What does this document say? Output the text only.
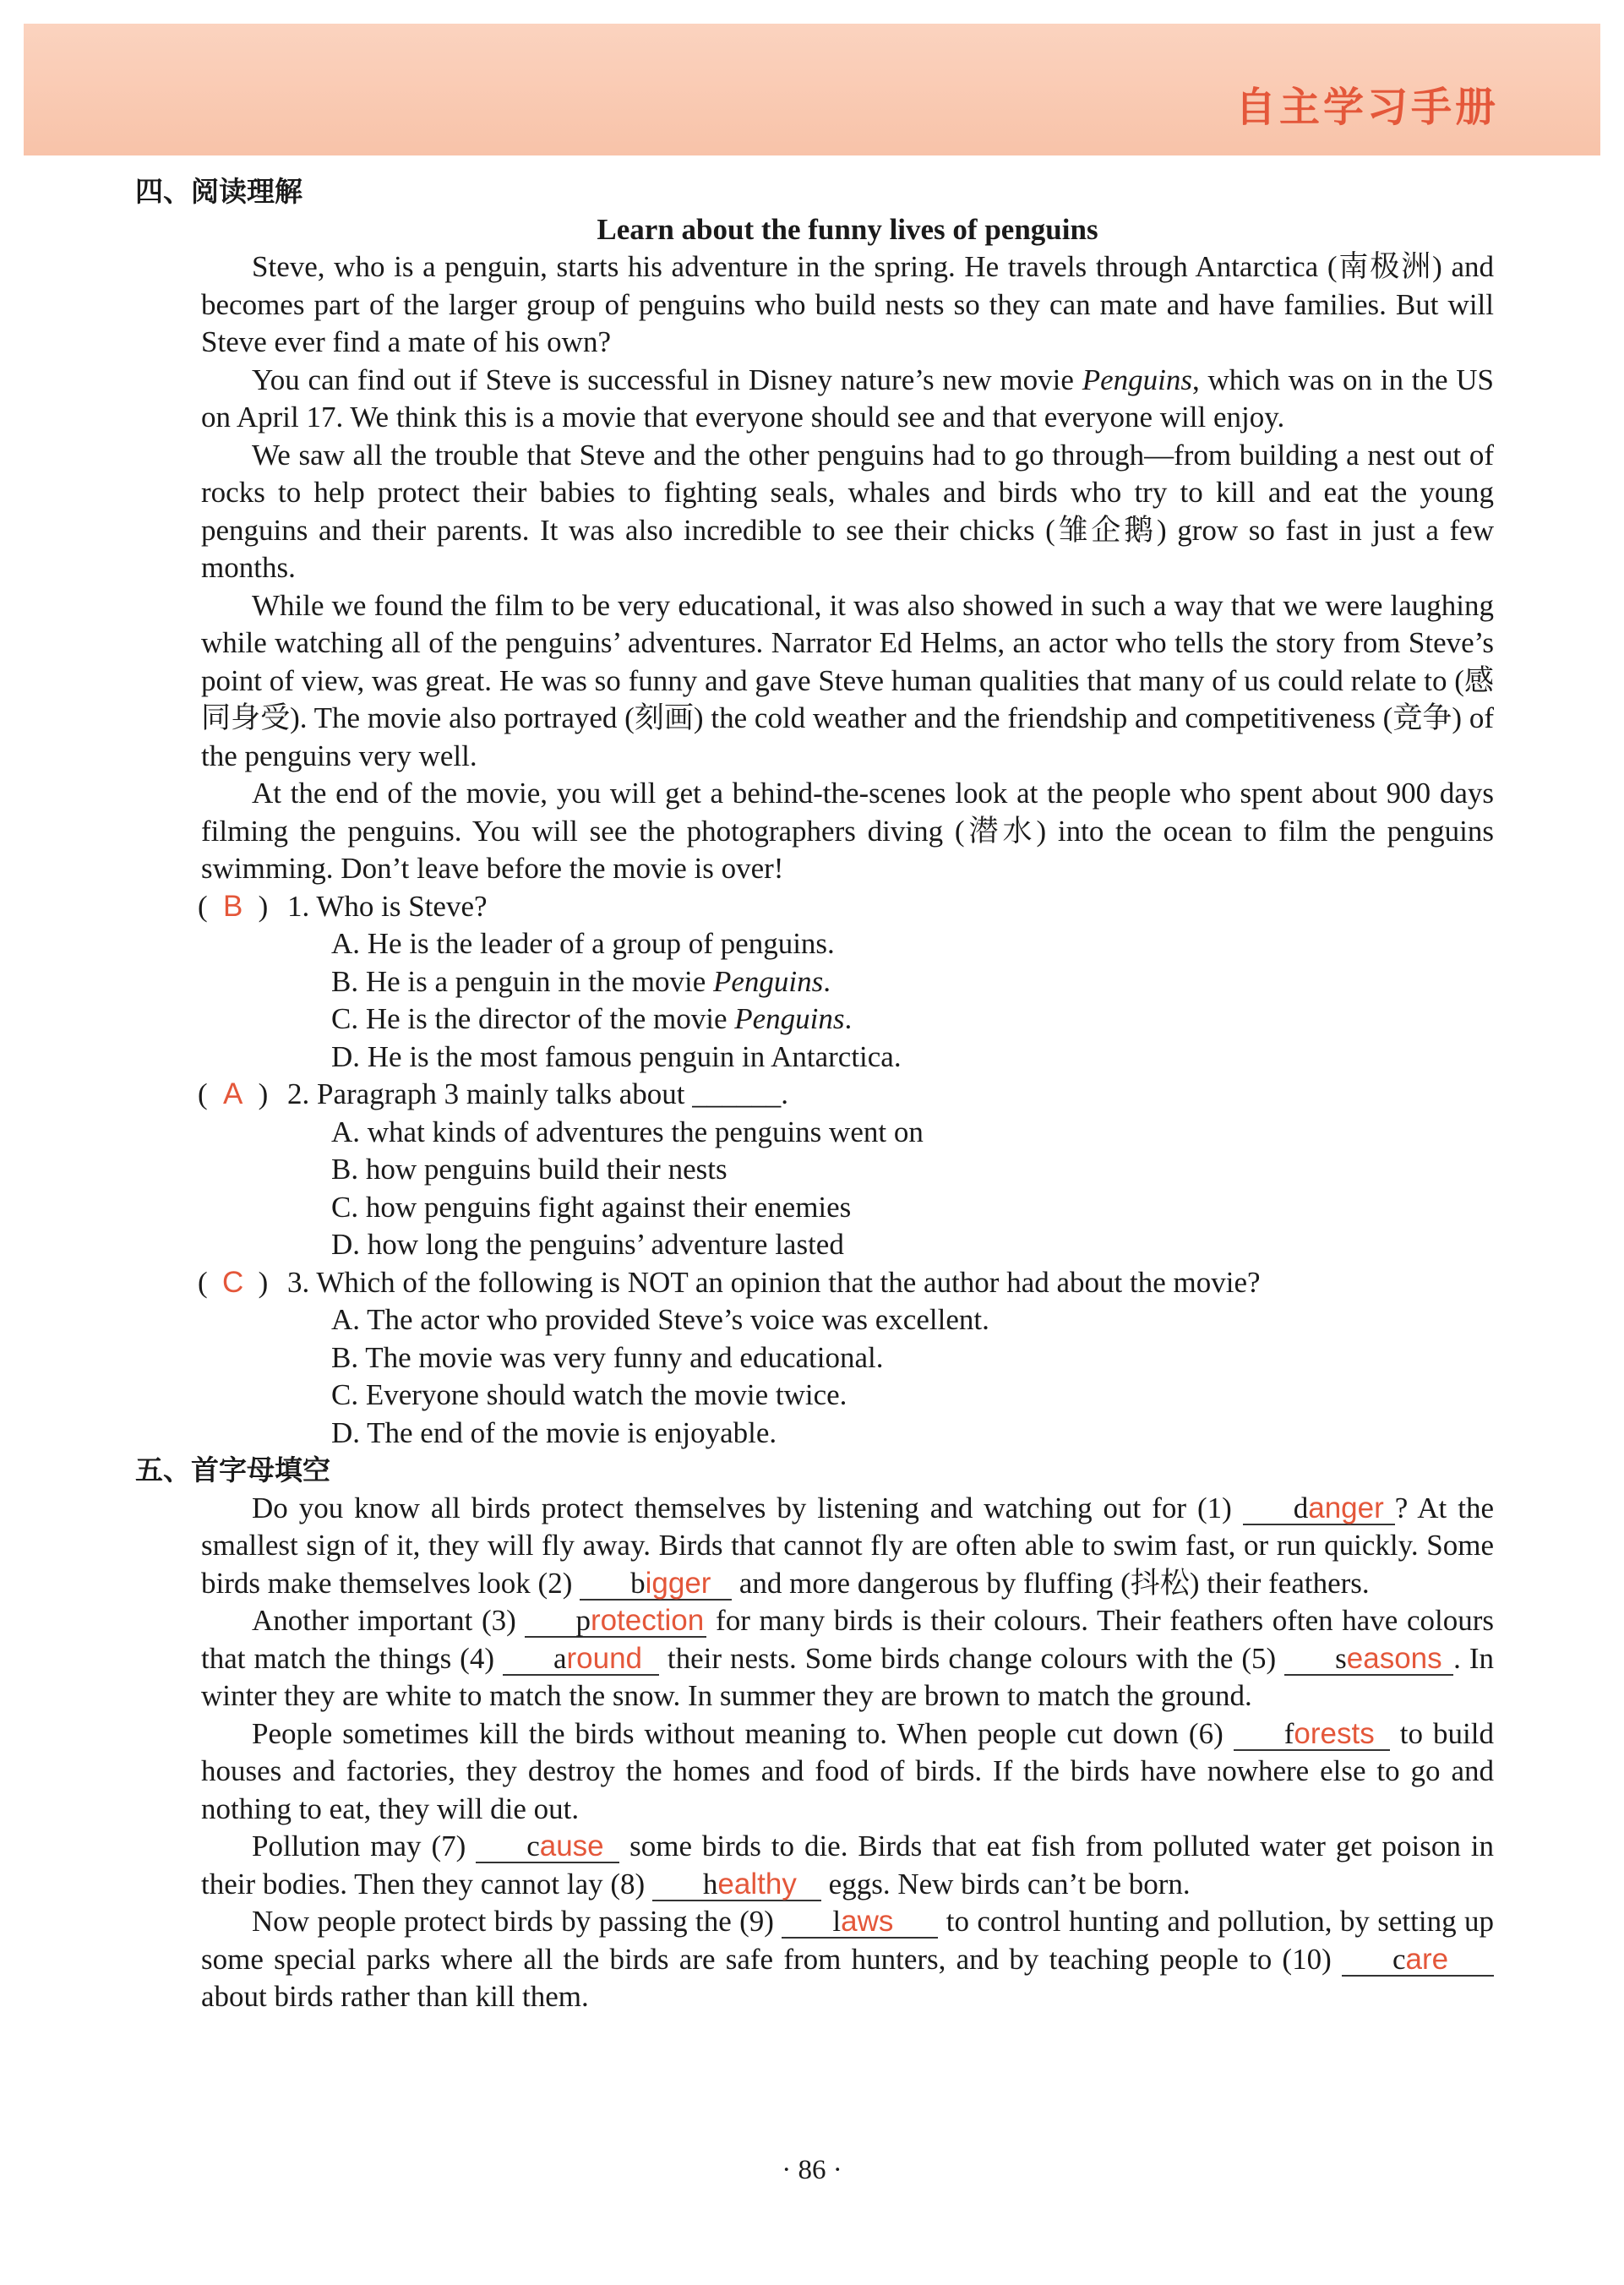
自主学习手册
四、阅读理解
Learn about the funny lives of penguins

Steve, who is a penguin, starts his adventure in the spring. He travels through Antarctica (南极洲) and becomes part of the larger group of penguins who build nests so they can mate and have families. But will Steve ever find a mate of his own?

You can find out if Steve is successful in Disney nature’s new movie Penguins, which was on in the US on April 17. We think this is a movie that everyone should see and that everyone will enjoy.

We saw all the trouble that Steve and the other penguins had to go through—from building a nest out of rocks to help protect their babies to fighting seals, whales and birds who try to kill and eat the young penguins and their parents. It was also incredible to see their chicks (雏企鹅) grow so fast in just a few months.

While we found the film to be very educational, it was also showed in such a way that we were laughing while watching all of the penguins’ adventures. Narrator Ed Helms, an actor who tells the story from Steve’s point of view, was great. He was so funny and gave Steve human qualities that many of us could relate to (感同身受). The movie also portrayed (刻画) the cold weather and the friendship and competitiveness (竞争) of the penguins very well.

At the end of the movie, you will get a behind-the-scenes look at the people who spent about 900 days filming the penguins. You will see the photographers diving (潜水) into the ocean to film the penguins swimming. Don’t leave before the movie is over!

( B ) 1. Who is Steve?
A. He is the leader of a group of penguins.
B. He is a penguin in the movie Penguins.
C. He is the director of the movie Penguins.
D. He is the most famous penguin in Antarctica.
( A ) 2. Paragraph 3 mainly talks about ______.
A. what kinds of adventures the penguins went on
B. how penguins build their nests
C. how penguins fight against their enemies
D. how long the penguins’ adventure lasted
( C ) 3. Which of the following is NOT an opinion that the author had about the movie?
A. The actor who provided Steve’s voice was excellent.
B. The movie was very funny and educational.
C. Everyone should watch the movie twice.
D. The end of the movie is enjoyable.
五、首字母填空

Do you know all birds protect themselves by listening and watching out for (1) danger ? At the smallest sign of it, they will fly away. Birds that cannot fly are often able to swim fast, or run quickly. Some birds make themselves look (2) bigger and more dangerous by fluffing (抖松) their feathers.

Another important (3) protection for many birds is their colours. Their feathers often have colours that match the things (4) around their nests. Some birds change colours with the (5) seasons . In winter they are white to match the snow. In summer they are brown to match the ground.

People sometimes kill the birds without meaning to. When people cut down (6) forests to build houses and factories, they destroy the homes and food of birds. If the birds have nowhere else to go and nothing to eat, they will die out.

Pollution may (7) cause some birds to die. Birds that eat fish from polluted water get poison in their bodies. Then they cannot lay (8) healthy eggs. New birds can’t be born.

Now people protect birds by passing the (9) laws to control hunting and pollution, by setting up some special parks where all the birds are safe from hunters, and by teaching people to (10) care about birds rather than kill them.

· 86 ·
